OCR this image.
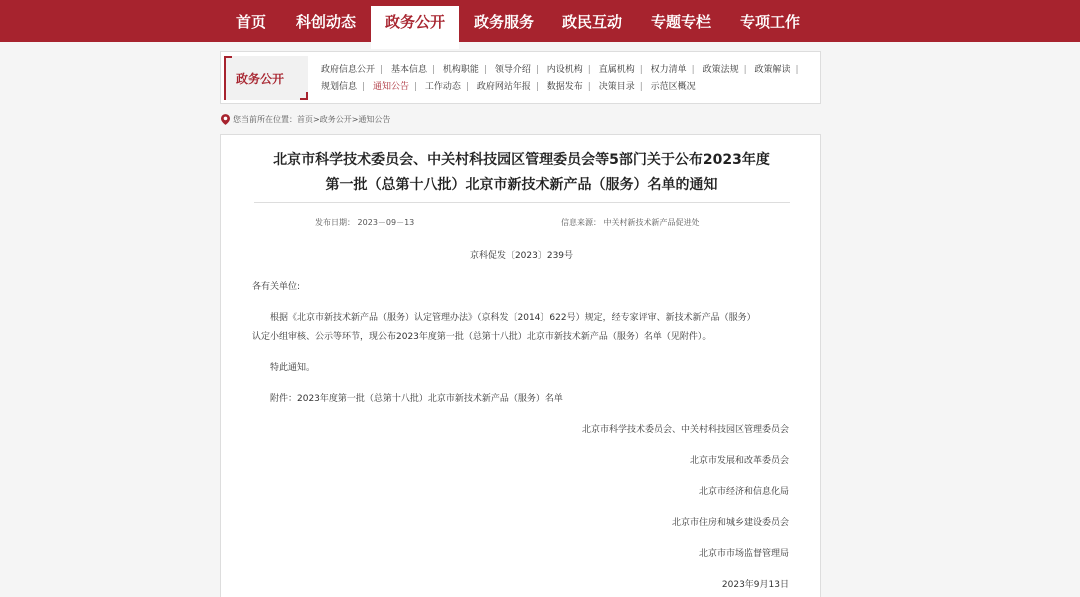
首页	科创动态	政务公开	政务服务	政民互动	专题专栏	专项工作
政务公开
政府信息公开 | 基本信息 | 机构职能 | 领导介绍 | 内设机构 | 直属机构 | 权力清单 | 政策法规 | 政策解读 |
规划信息 | 通知公告 | 工作动态 | 政府网站年报 | 数据发布 | 决策目录 | 示范区概况
您当前所在位置：首页>政务公开>通知公告
北京市科学技术委员会、中关村科技园区管理委员会等5部门关于公布2023年度
第一批（总第十八批）北京市新技术新产品（服务）名单的通知
发布日期： 2023－09－13	信息来源： 中关村新技术新产品促进处
京科促发〔2023〕239号
各有关单位:
根据《北京市新技术新产品（服务）认定管理办法》（京科发〔2014〕622号）规定，经专家评审、新技术新产品（服务）
认定小组审核、公示等环节，现公布2023年度第一批（总第十八批）北京市新技术新产品（服务）名单（见附件）。
特此通知。
附件：2023年度第一批（总第十八批）北京市新技术新产品（服务）名单
北京市科学技术委员会、中关村科技园区管理委员会
北京市发展和改革委员会
北京市经济和信息化局
北京市住房和城乡建设委员会
北京市市场监督管理局
2023年9月13日
